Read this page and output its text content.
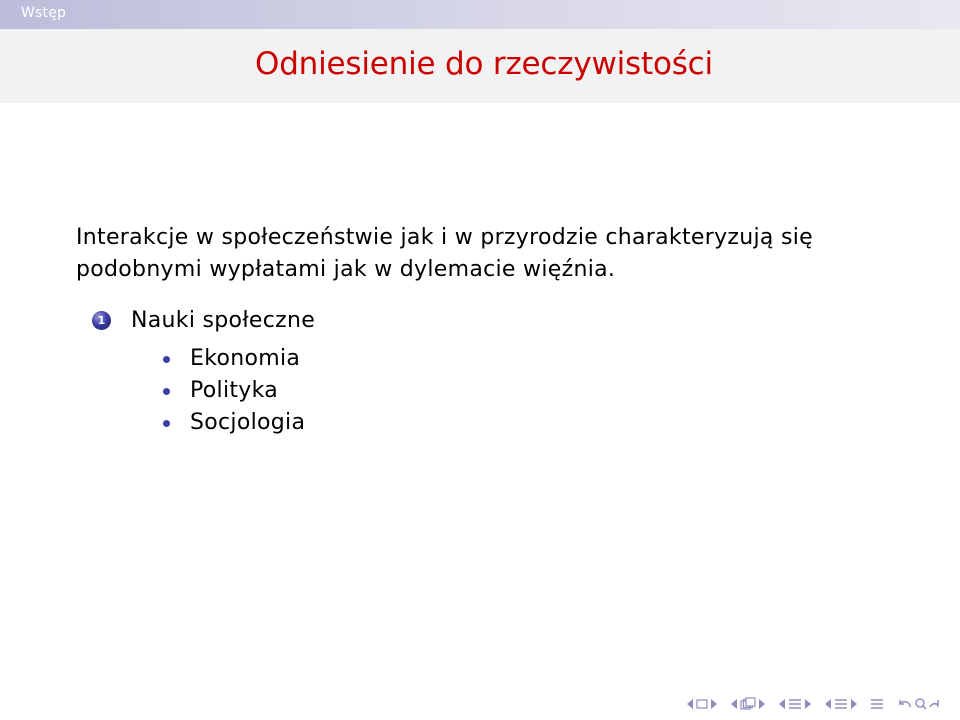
Wstęp
Odniesienie do rzeczywistości
Interakcje w społeczeństwie jak i w przyrodzie charakteryzują się podobnymi wypłatami jak w dylemacie więźnia.
1 Nauki społeczne
Ekonomia
Polityka
Socjologia
